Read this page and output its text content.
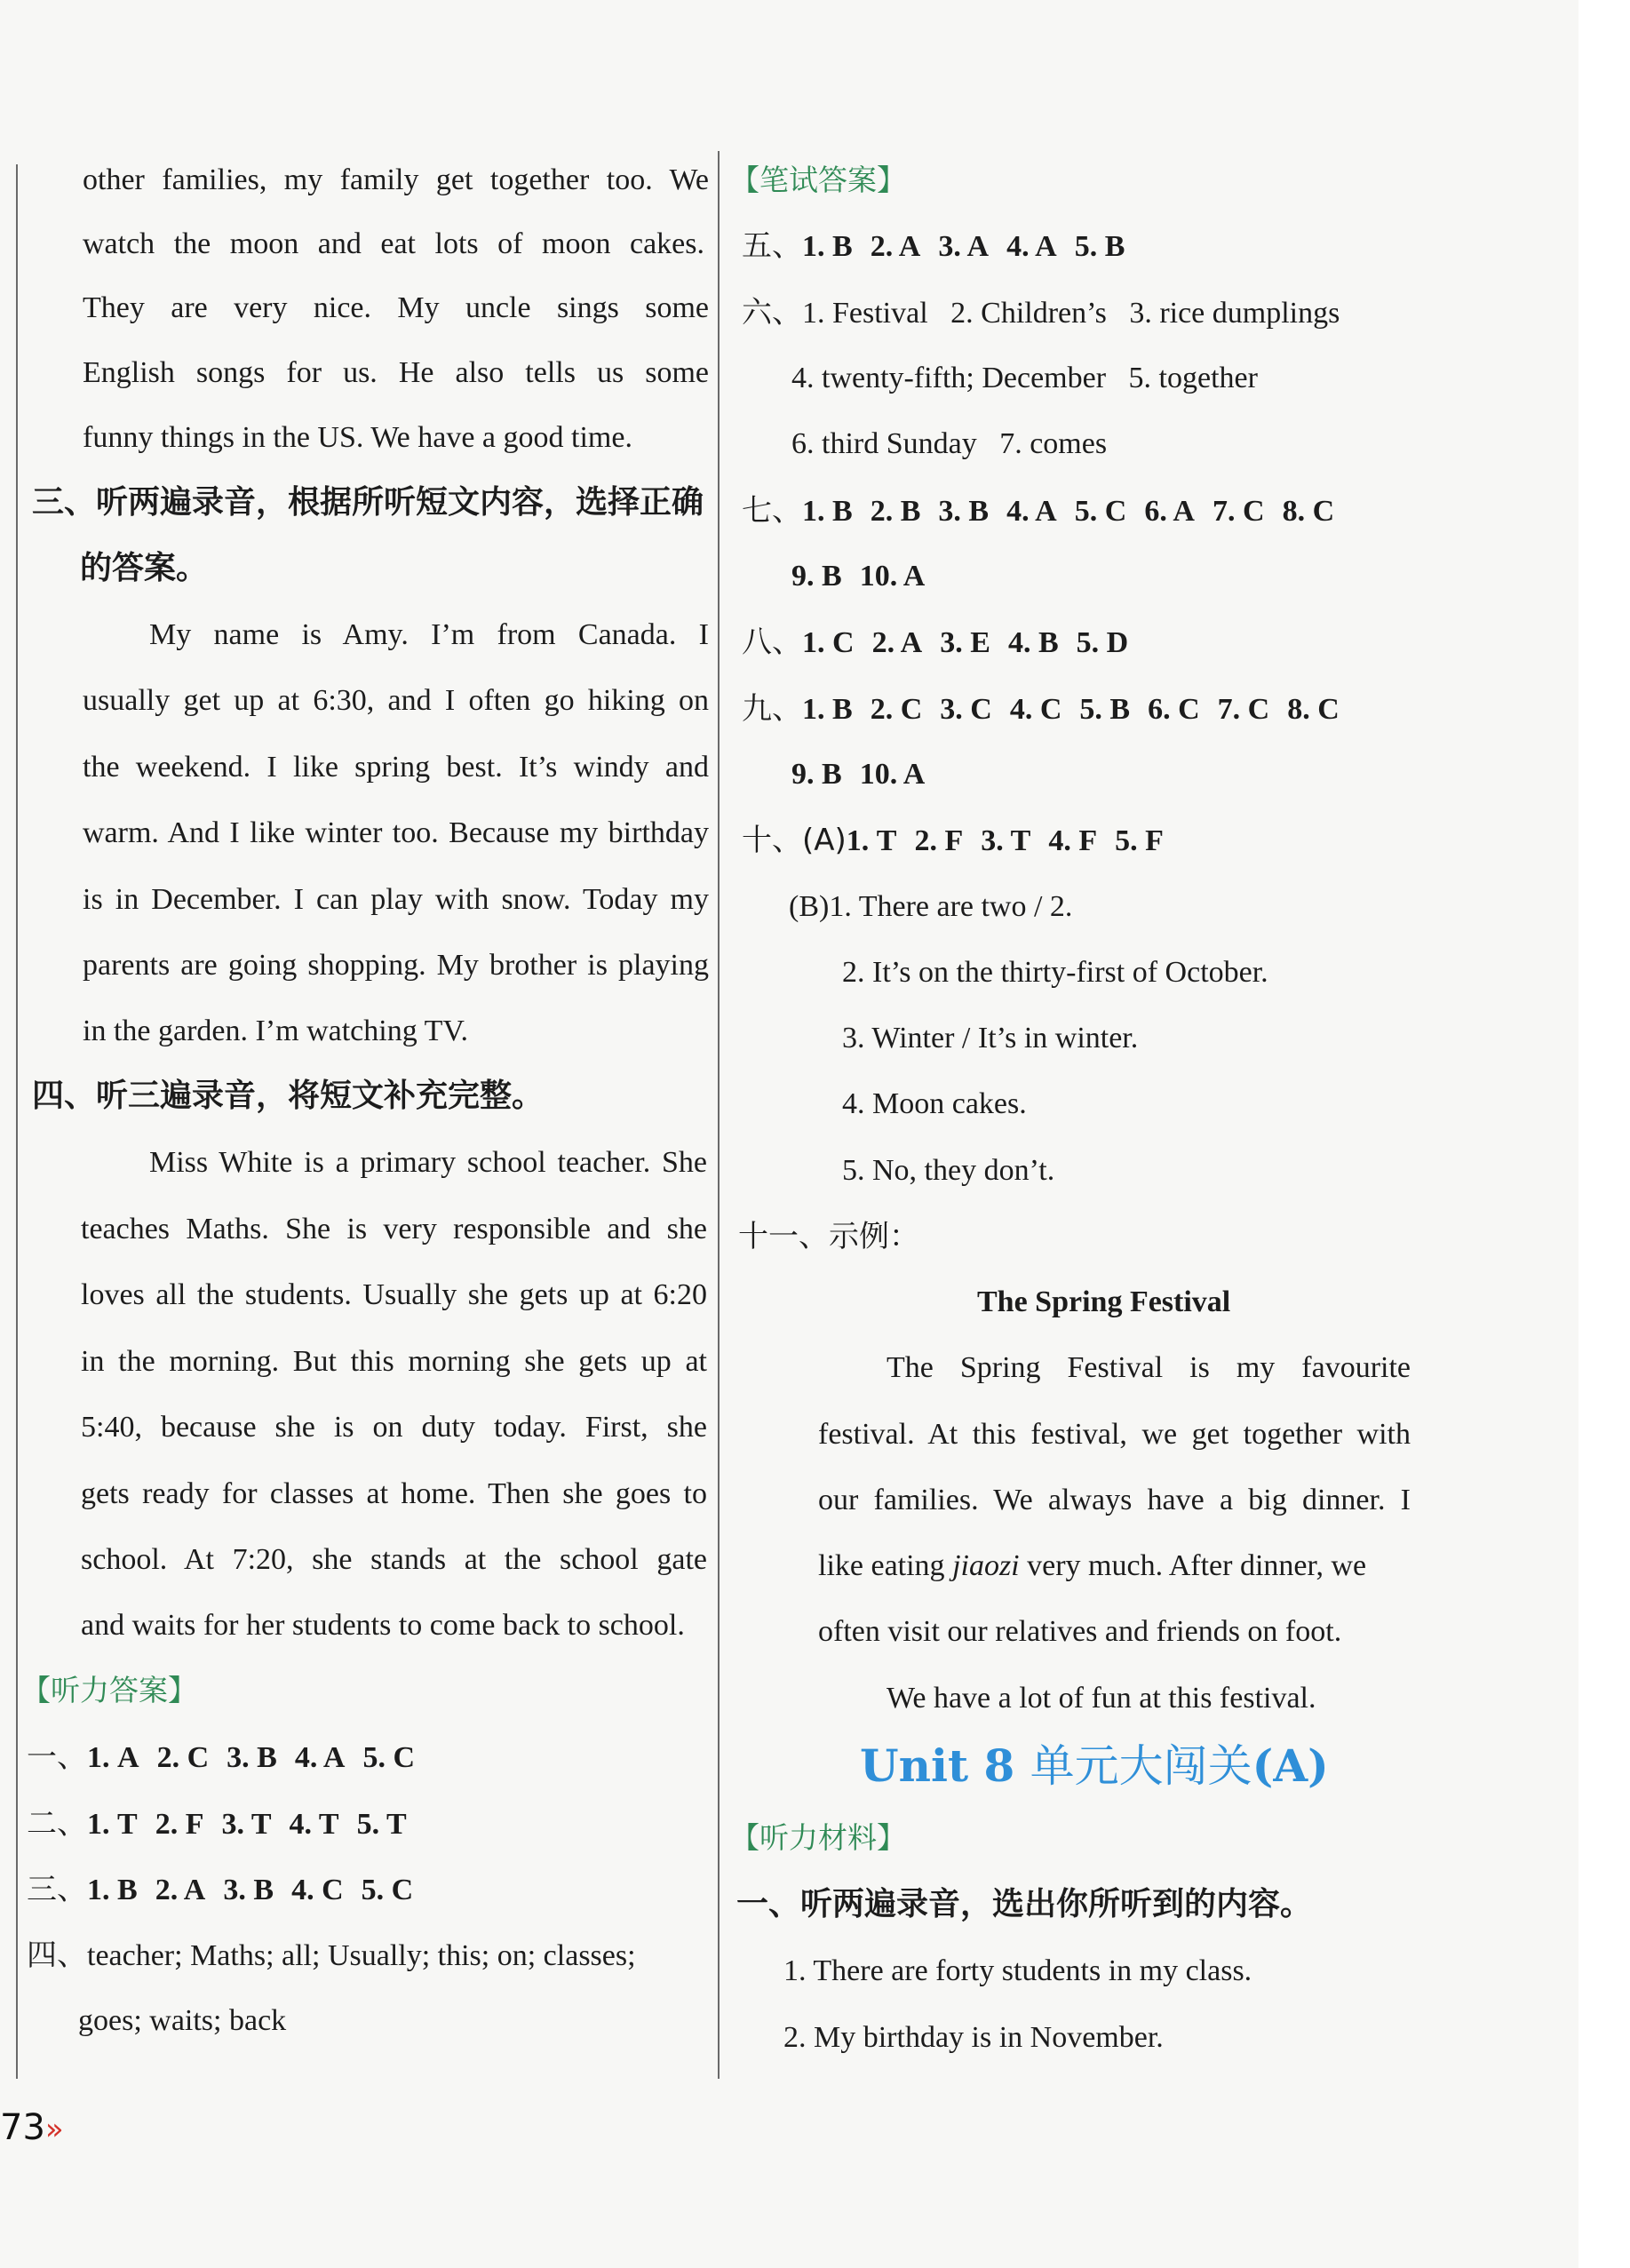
other families, my family get together too. We
watch the moon and eat lots of moon cakes.
They are very nice. My uncle sings some
English songs for us. He also tells us some
funny things in the US. We have a good time.
三、听两遍录音，根据所听短文内容，选择正确
的答案。
My name is Amy. I’m from Canada. I
usually get up at 6:30, and I often go hiking on
the weekend. I like spring best. It’s windy and
warm. And I like winter too. Because my birthday
is in December. I can play with snow. Today my
parents are going shopping. My brother is playing
in the garden. I’m watching TV.
四、听三遍录音，将短文补充完整。
Miss White is a primary school teacher. She
teaches Maths. She is very responsible and she
loves all the students. Usually she gets up at 6:20
in the morning. But this morning she gets up at
5:40, because she is on duty today. First, she
gets ready for classes at home. Then she goes to
school. At 7:20, she stands at the school gate
and waits for her students to come back to school.
【听力答案】
一、1. A 2. C 3. B 4. A 5. C
二、1. T 2. F 3. T 4. T 5. T
三、1. B 2. A 3. B 4. C 5. C
四、teacher; Maths; all; Usually; this; on; classes;
goes; waits; back
【笔试答案】
五、1. B 2. A 3. A 4. A 5. B
六、1. Festival   2. Children’s   3. rice dumplings
4. twenty-fifth; December   5. together
6. third Sunday   7. comes
七、1. B 2. B 3. B 4. A 5. C 6. A 7. C 8. C
9. B 10. A
八、1. C 2. A 3. E 4. B 5. D
九、1. B 2. C 3. C 4. C 5. B 6. C 7. C 8. C
9. B 10. A
十、(A)1. T 2. F 3. T 4. F 5. F
(B)1. There are two / 2.
2. It’s on the thirty-first of October.
3. Winter / It’s in winter.
4. Moon cakes.
5. No, they don’t.
十一、示例：
The Spring Festival
The Spring Festival is my favourite
festival. At this festival, we get together with
our families. We always have a big dinner. I
like eating jiaozi very much. After dinner, we
often visit our relatives and friends on foot.
We have a lot of fun at this festival.
Unit 8 单元大闯关(A)
【听力材料】
一、听两遍录音，选出你所听到的内容。
1. There are forty students in my class.
2. My birthday is in November.
73»
